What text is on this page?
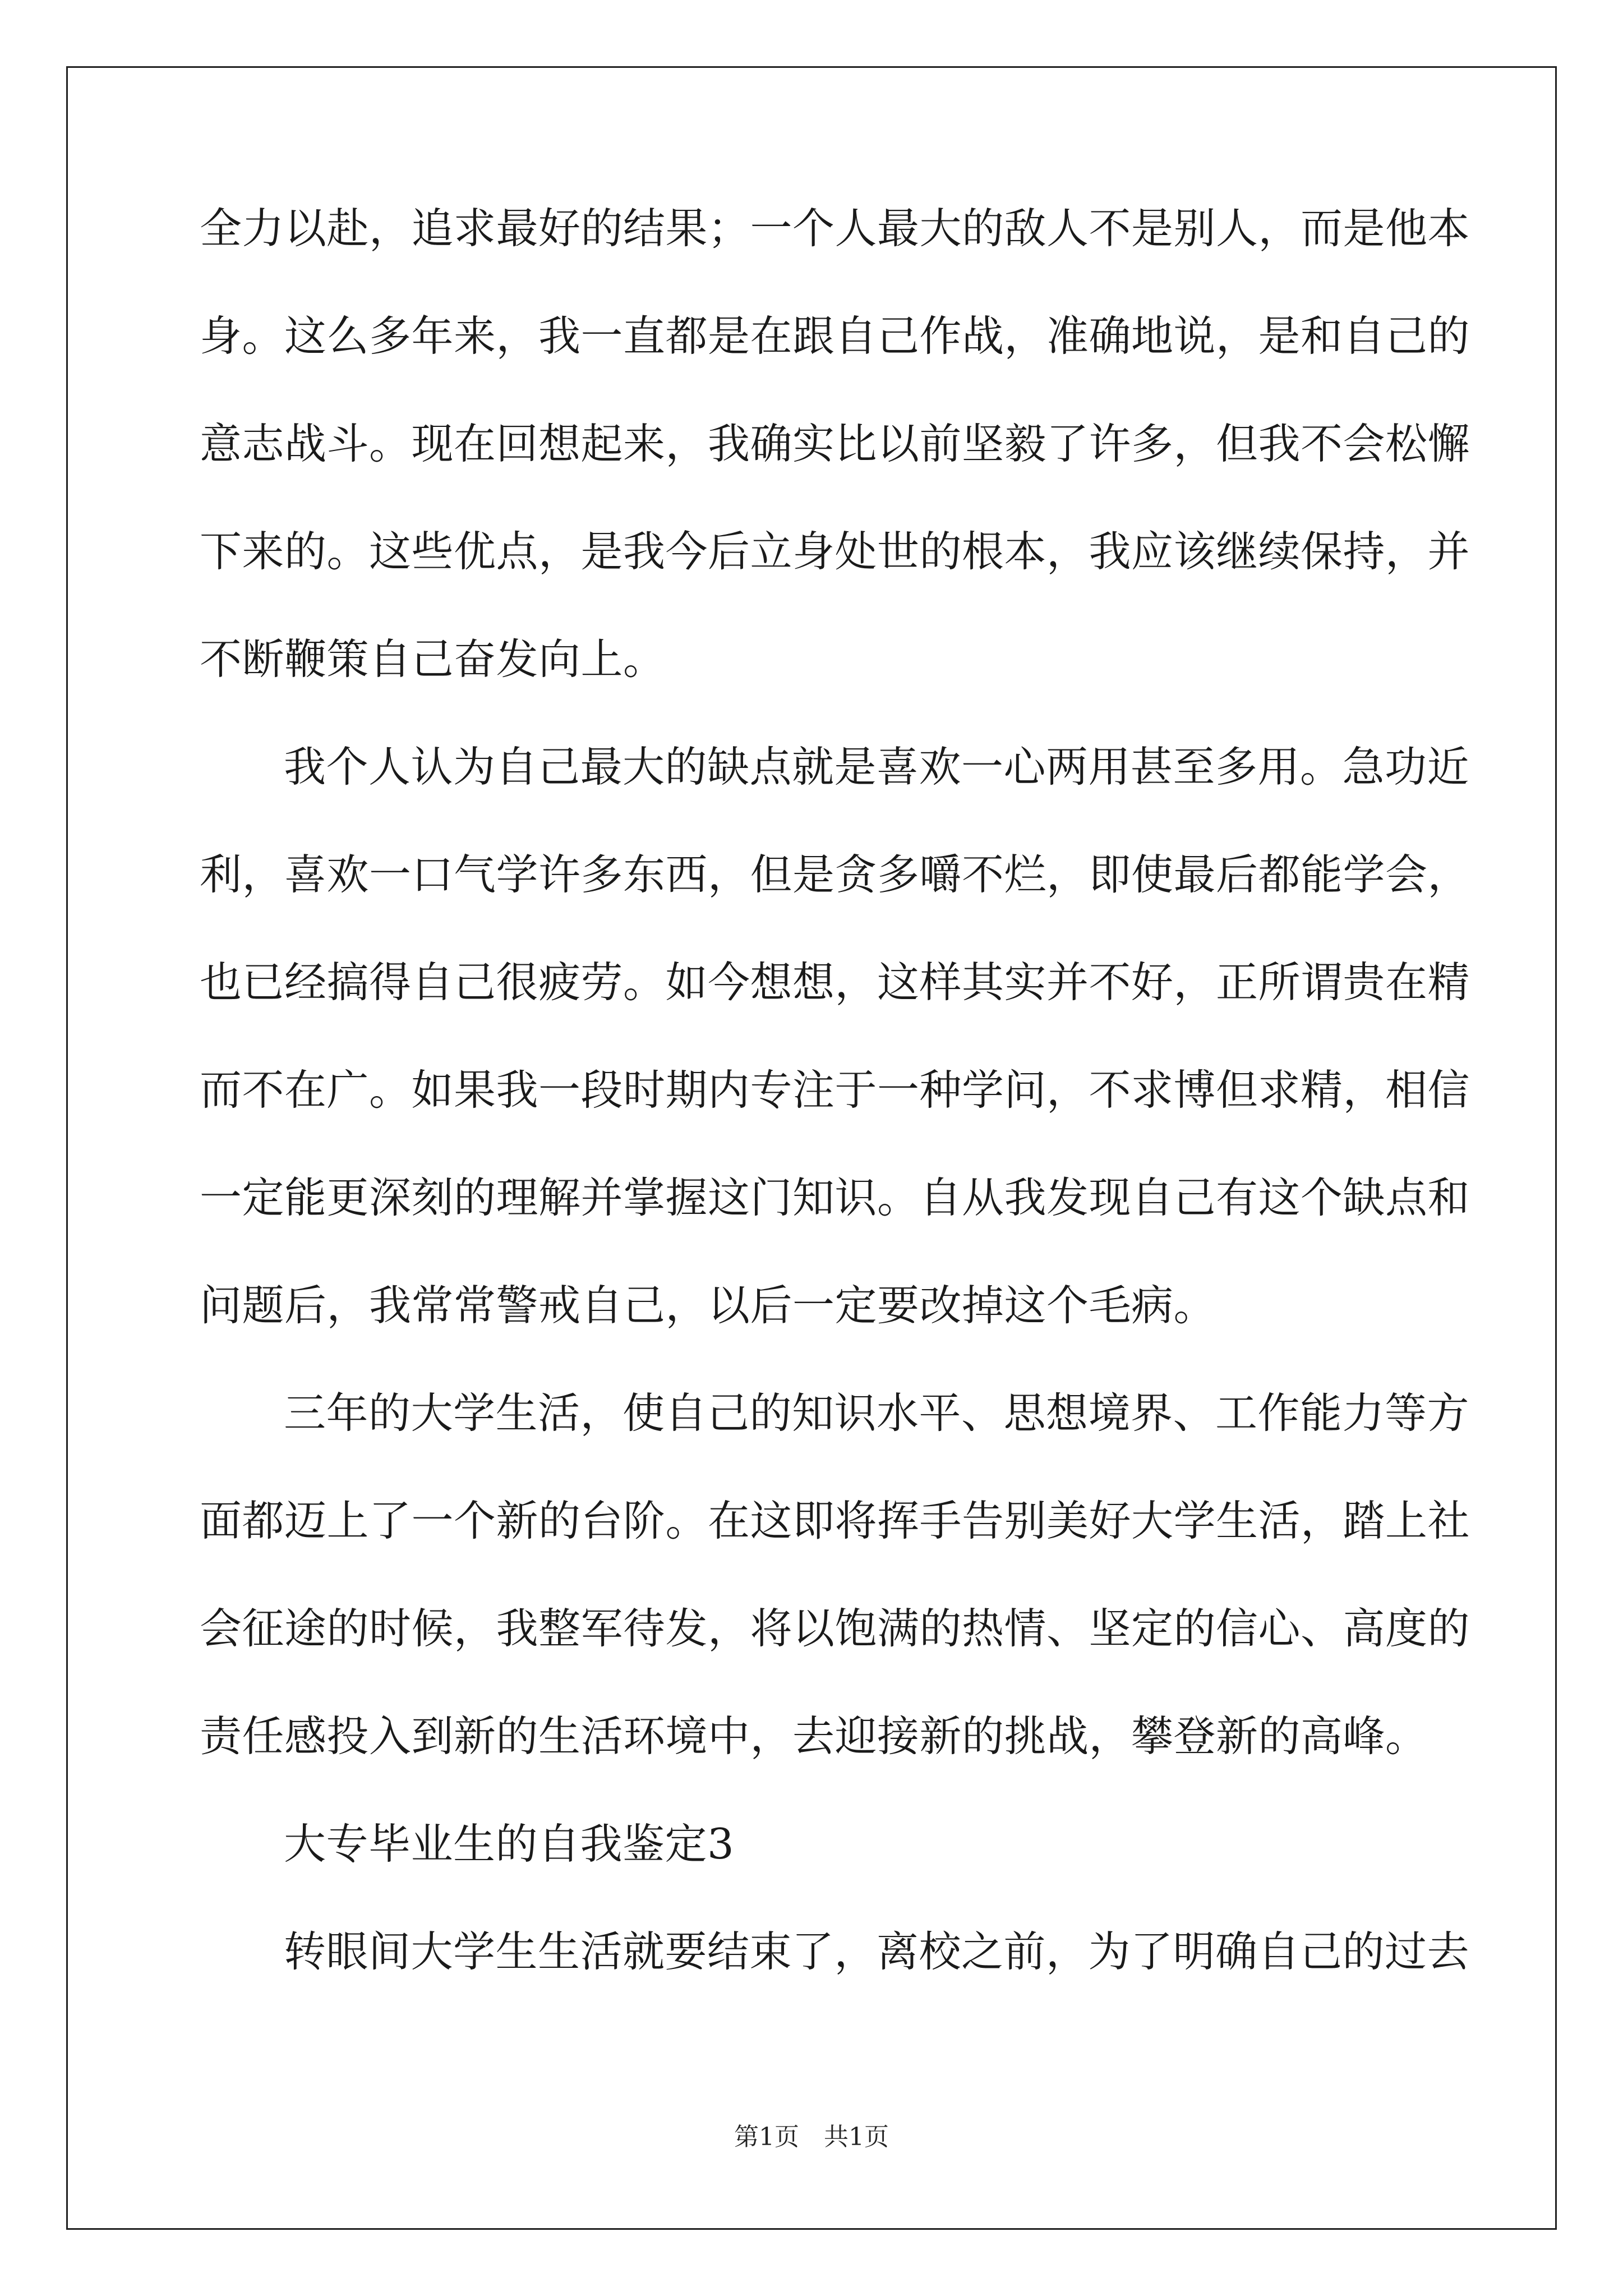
全力以赴，追求最好的结果；一个人最大的敌人不是别人，而是他本
身。这么多年来，我一直都是在跟自己作战，准确地说，是和自己的
意志战斗。现在回想起来，我确实比以前坚毅了许多，但我不会松懈
下来的。这些优点，是我今后立身处世的根本，我应该继续保持，并
不断鞭策自己奋发向上。
我个人认为自己最大的缺点就是喜欢一心两用甚至多用。急功近
利，喜欢一口气学许多东西，但是贪多嚼不烂，即使最后都能学会，
也已经搞得自己很疲劳。如今想想，这样其实并不好，正所谓贵在精
而不在广。如果我一段时期内专注于一种学问，不求博但求精，相信
一定能更深刻的理解并掌握这门知识。自从我发现自己有这个缺点和
问题后，我常常警戒自己，以后一定要改掉这个毛病。
三年的大学生活，使自己的知识水平、思想境界、工作能力等方
面都迈上了一个新的台阶。在这即将挥手告别美好大学生活，踏上社
会征途的时候，我整军待发，将以饱满的热情、坚定的信心、高度的
责任感投入到新的生活环境中，去迎接新的挑战，攀登新的高峰。
大专毕业生的自我鉴定3
转眼间大学生生活就要结束了，离校之前，为了明确自己的过去
第1页　共1页
